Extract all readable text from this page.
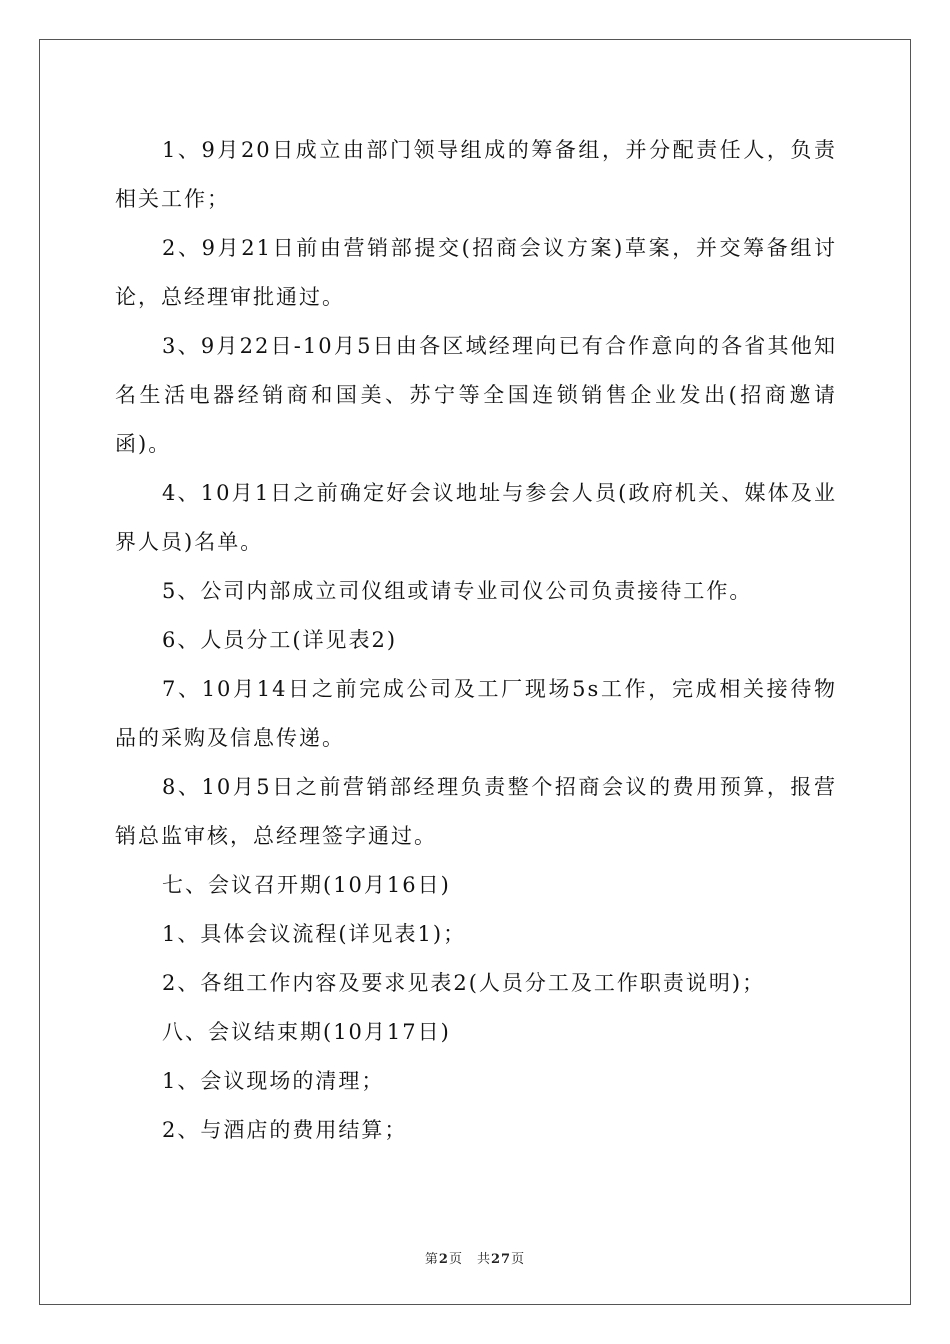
1、9月20日成立由部门领导组成的筹备组，并分配责任人，负责相关工作；

2、9月21日前由营销部提交(招商会议方案)草案，并交筹备组讨论，总经理审批通过。

3、9月22日-10月5日由各区域经理向已有合作意向的各省其他知名生活电器经销商和国美、苏宁等全国连锁销售企业发出(招商邀请函)。

4、10月1日之前确定好会议地址与参会人员(政府机关、媒体及业界人员)名单。

5、公司内部成立司仪组或请专业司仪公司负责接待工作。

6、人员分工(详见表2)

7、10月14日之前完成公司及工厂现场5s工作，完成相关接待物品的采购及信息传递。

8、10月5日之前营销部经理负责整个招商会议的费用预算，报营销总监审核，总经理签字通过。

七、会议召开期(10月16日)

1、具体会议流程(详见表1)；

2、各组工作内容及要求见表2(人员分工及工作职责说明)；

八、会议结束期(10月17日)

1、会议现场的清理；

2、与酒店的费用结算；

第2页 共27页
